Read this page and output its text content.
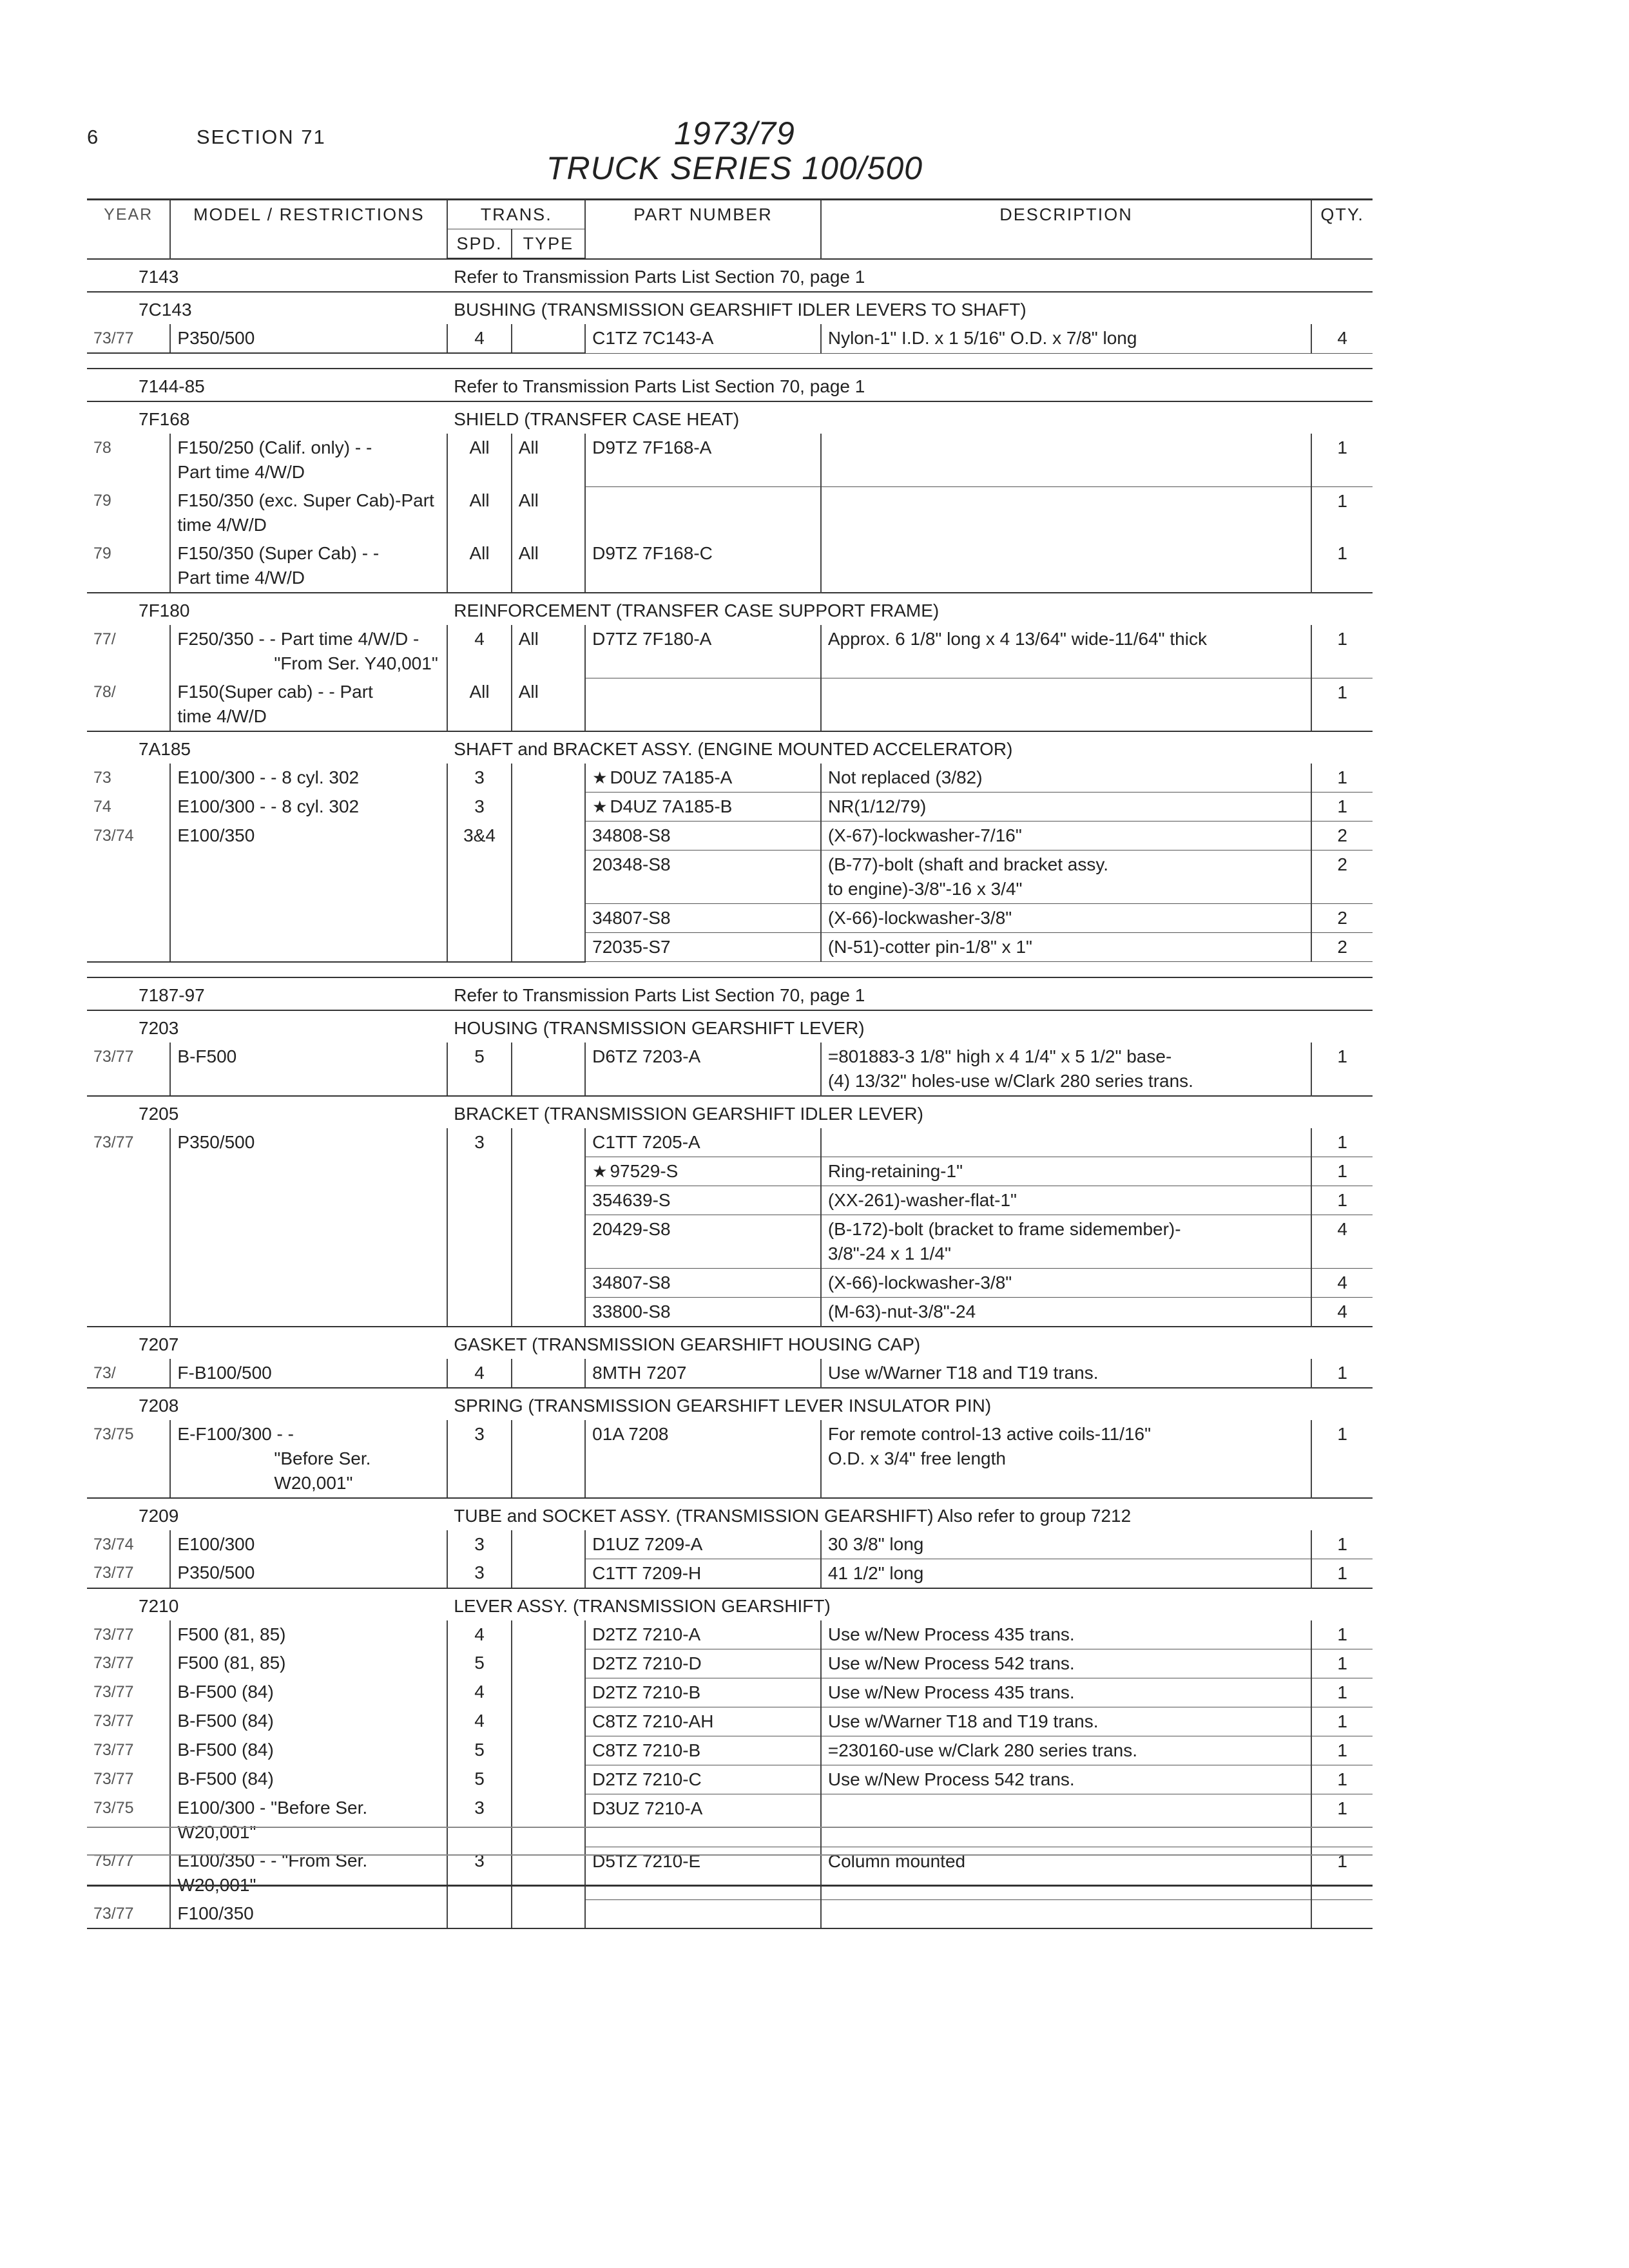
6	SECTION 71	1973/79
TRUCK SERIES 100/500
YEAR	MODEL / RESTRICTIONS	TRANS.		PART NUMBER	DESCRIPTION	QTY.
		SPD.	TYPE			
7143		Refer to Transmission Parts List Section 70, page 1				
7C143		BUSHING (TRANSMISSION GEARSHIFT IDLER LEVERS TO SHAFT)				
73/77	P350/500	4		C1TZ 7C143-A	Nylon-1" I.D. x 1 5/16" O.D. x 7/8" long	4

7144-85		Refer to Transmission Parts List Section 70, page 1				
7F168		SHIELD (TRANSFER CASE HEAT)				
78	F150/250 (Calif. only) - -
Part time 4/W/D	All	All	D9TZ 7F168-A		1
79	F150/350 (exc. Super Cab)-Part
time 4/W/D	All	All			1
79	F150/350 (Super Cab) - -
Part time 4/W/D	All	All	D9TZ 7F168-C		1
7F180		REINFORCEMENT (TRANSFER CASE SUPPORT FRAME)				
77/	F250/350 - - Part time 4/W/D -
"From Ser. Y40,001"	4	All	D7TZ 7F180-A	Approx. 6 1/8" long x 4 13/64" wide-11/64" thick	1
78/	F150(Super cab) - - Part
time 4/W/D	All	All			1
7A185		SHAFT and BRACKET ASSY. (ENGINE MOUNTED ACCELERATOR)				
73	E100/300 - - 8 cyl. 302	3		★ D0UZ 7A185-A	Not replaced (3/82)	1
74	E100/300 - - 8 cyl. 302	3		★ D4UZ 7A185-B	NR(1/12/79)	1
73/74	E100/350	3&4		34808-S8	(X-67)-lockwasher-7/16"	2

			20348-S8	(B-77)-bolt (shaft and bracket assy.
to engine)-3/8"-16 x 3/4"	2

			34807-S8	(X-66)-lockwasher-3/8"	2

			72035-S7	(N-51)-cotter pin-1/8" x 1"	2

7187-97		Refer to Transmission Parts List Section 70, page 1				
7203		HOUSING (TRANSMISSION GEARSHIFT LEVER)				
73/77	B-F500	5		D6TZ 7203-A	=801883-3 1/8" high x 4 1/4" x 5 1/2" base-
(4) 13/32" holes-use w/Clark 280 series trans.	1
7205		BRACKET (TRANSMISSION GEARSHIFT IDLER LEVER)				
73/77	P350/500	3		C1TT 7205-A		1

			★ 97529-S	Ring-retaining-1"	1

			354639-S	(XX-261)-washer-flat-1"	1

			20429-S8	(B-172)-bolt (bracket to frame sidemember)-
3/8"-24 x 1 1/4"	4

			34807-S8	(X-66)-lockwasher-3/8"	4

			33800-S8	(M-63)-nut-3/8"-24	4
7207		GASKET (TRANSMISSION GEARSHIFT HOUSING CAP)				
73/	F-B100/500	4		8MTH 7207	Use w/Warner T18 and T19 trans.	1
7208		SPRING (TRANSMISSION GEARSHIFT LEVER INSULATOR PIN)				
73/75	E-F100/300 - -
"Before Ser. W20,001"	3		01A 7208	For remote control-13 active coils-11/16"
O.D. x 3/4" free length	1
7209		TUBE and SOCKET ASSY. (TRANSMISSION GEARSHIFT) Also refer to group 7212				
73/74	E100/300	3		D1UZ 7209-A	30 3/8" long	1
73/77	P350/500	3		C1TT 7209-H	41 1/2" long	1
7210		LEVER ASSY. (TRANSMISSION GEARSHIFT)				
73/77	F500 (81, 85)	4		D2TZ 7210-A	Use w/New Process 435 trans.	1
73/77	F500 (81, 85)	5		D2TZ 7210-D	Use w/New Process 542 trans.	1
73/77	B-F500 (84)	4		D2TZ 7210-B	Use w/New Process 435 trans.	1
73/77	B-F500 (84)	4		C8TZ 7210-AH	Use w/Warner T18 and T19 trans.	1
73/77	B-F500 (84)	5		C8TZ 7210-B	=230160-use w/Clark 280 series trans.	1
73/77	B-F500 (84)	5		D2TZ 7210-C	Use w/New Process 542 trans.	1
73/75	E100/300 - "Before Ser. W20,001"	3		D3UZ 7210-A		1
75/77	E100/350 - - "From Ser. W20,001"	3		D5TZ 7210-E	Column mounted	1
73/77	F100/350					
